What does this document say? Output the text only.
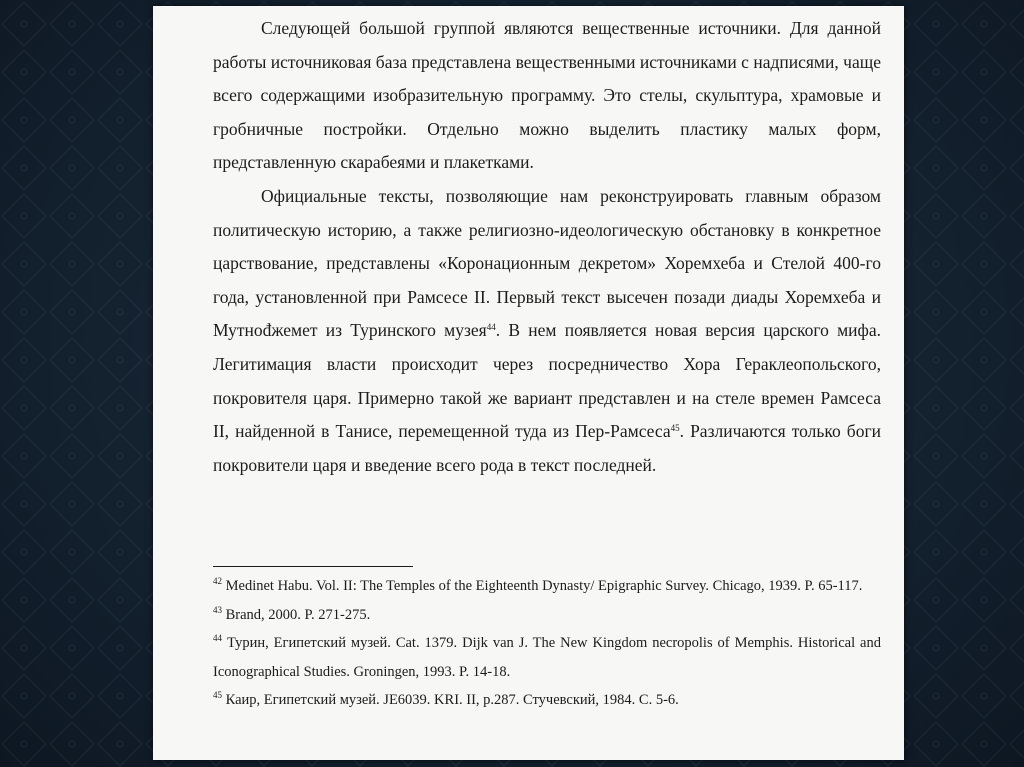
Следующей большой группой являются вещественные источники. Для данной работы источниковая база представлена вещественными источниками с надписями, чаще всего содержащими изобразительную программу. Это стелы, скульптура, храмовые и гробничные постройки. Отдельно можно выделить пластику малых форм, представленную скарабеями и плакетками.

Официальные тексты, позволяющие нам реконструировать главным образом политическую историю, а также религиозно-идеологическую обстановку в конкретное царствование, представлены «Коронационным декретом» Хоремхеба и Стелой 400-го года, установленной при Рамсесе II. Первый текст высечен позади диады Хоремхеба и Мутнođжемет из Туринского музея$^{44}$. В нем появляется новая версия царского мифа. Легитимация власти происходит через посредничество Хора Гераклеопольского, покровителя царя. Примерно такой же вариант представлен и на стеле времен Рамсеса II, найденной в Танисе, перемещенной туда из Пер-Рамсеса$^{45}$. Различаются только боги покровители царя и введение всего рода в текст последней.

$^{42}$ Medinet Habu. Vol. II: The Temples of the Eighteenth Dynasty/ Epigraphic Survey. Chicago, 1939. P. 65-117.

$^{43}$ Brand, 2000. P. 271-275.

$^{44}$ Турин, Египетский музей. Cat. 1379. Dijk van J. The New Kingdom necropolis of Memphis. Historical and Iconographical Studies. Groningen, 1993. P. 14-18.

$^{45}$ Каир, Египетский музей. JE6039. KRI. II, p.287. Стучевский, 1984. С. 5-6.
